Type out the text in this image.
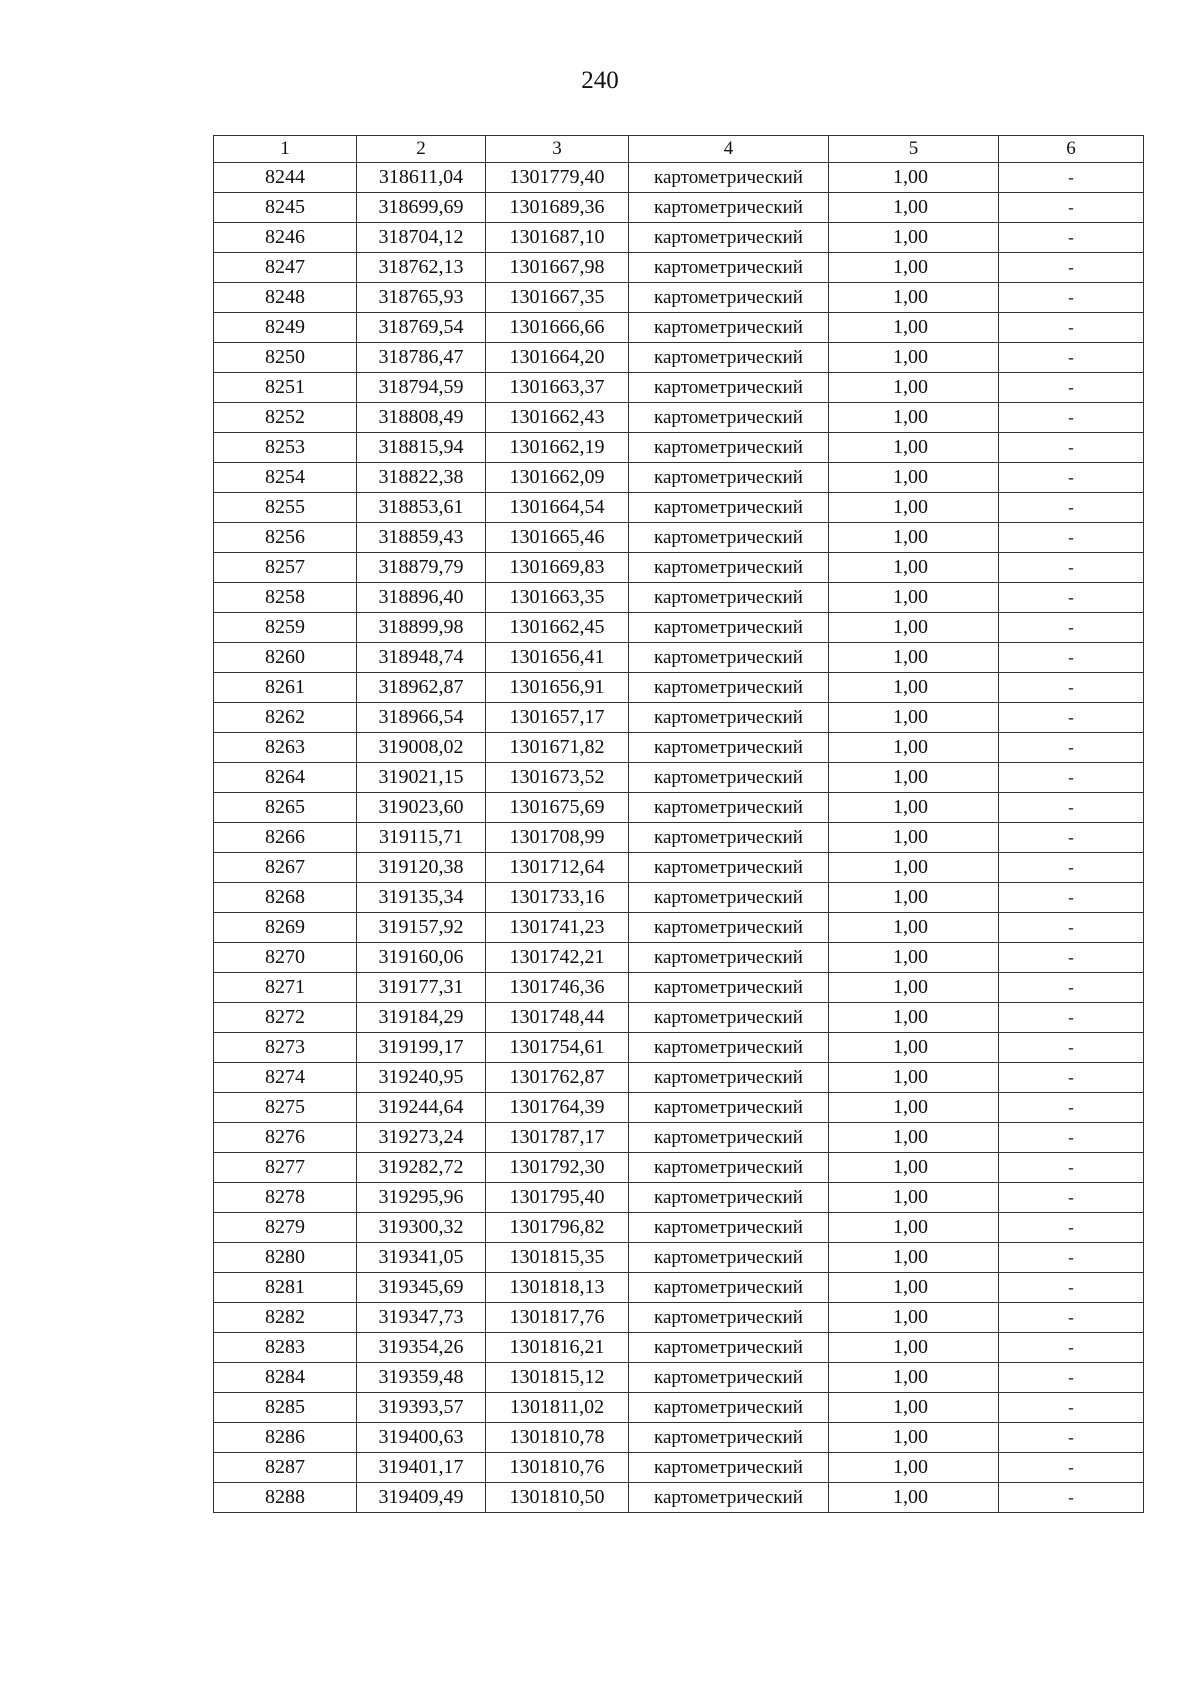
240
1	2	3	4	5	6
8244	318611,04	1301779,40	картометрический	1,00	-
8245	318699,69	1301689,36	картометрический	1,00	-
8246	318704,12	1301687,10	картометрический	1,00	-
8247	318762,13	1301667,98	картометрический	1,00	-
8248	318765,93	1301667,35	картометрический	1,00	-
8249	318769,54	1301666,66	картометрический	1,00	-
8250	318786,47	1301664,20	картометрический	1,00	-
8251	318794,59	1301663,37	картометрический	1,00	-
8252	318808,49	1301662,43	картометрический	1,00	-
8253	318815,94	1301662,19	картометрический	1,00	-
8254	318822,38	1301662,09	картометрический	1,00	-
8255	318853,61	1301664,54	картометрический	1,00	-
8256	318859,43	1301665,46	картометрический	1,00	-
8257	318879,79	1301669,83	картометрический	1,00	-
8258	318896,40	1301663,35	картометрический	1,00	-
8259	318899,98	1301662,45	картометрический	1,00	-
8260	318948,74	1301656,41	картометрический	1,00	-
8261	318962,87	1301656,91	картометрический	1,00	-
8262	318966,54	1301657,17	картометрический	1,00	-
8263	319008,02	1301671,82	картометрический	1,00	-
8264	319021,15	1301673,52	картометрический	1,00	-
8265	319023,60	1301675,69	картометрический	1,00	-
8266	319115,71	1301708,99	картометрический	1,00	-
8267	319120,38	1301712,64	картометрический	1,00	-
8268	319135,34	1301733,16	картометрический	1,00	-
8269	319157,92	1301741,23	картометрический	1,00	-
8270	319160,06	1301742,21	картометрический	1,00	-
8271	319177,31	1301746,36	картометрический	1,00	-
8272	319184,29	1301748,44	картометрический	1,00	-
8273	319199,17	1301754,61	картометрический	1,00	-
8274	319240,95	1301762,87	картометрический	1,00	-
8275	319244,64	1301764,39	картометрический	1,00	-
8276	319273,24	1301787,17	картометрический	1,00	-
8277	319282,72	1301792,30	картометрический	1,00	-
8278	319295,96	1301795,40	картометрический	1,00	-
8279	319300,32	1301796,82	картометрический	1,00	-
8280	319341,05	1301815,35	картометрический	1,00	-
8281	319345,69	1301818,13	картометрический	1,00	-
8282	319347,73	1301817,76	картометрический	1,00	-
8283	319354,26	1301816,21	картометрический	1,00	-
8284	319359,48	1301815,12	картометрический	1,00	-
8285	319393,57	1301811,02	картометрический	1,00	-
8286	319400,63	1301810,78	картометрический	1,00	-
8287	319401,17	1301810,76	картометрический	1,00	-
8288	319409,49	1301810,50	картометрический	1,00	-
